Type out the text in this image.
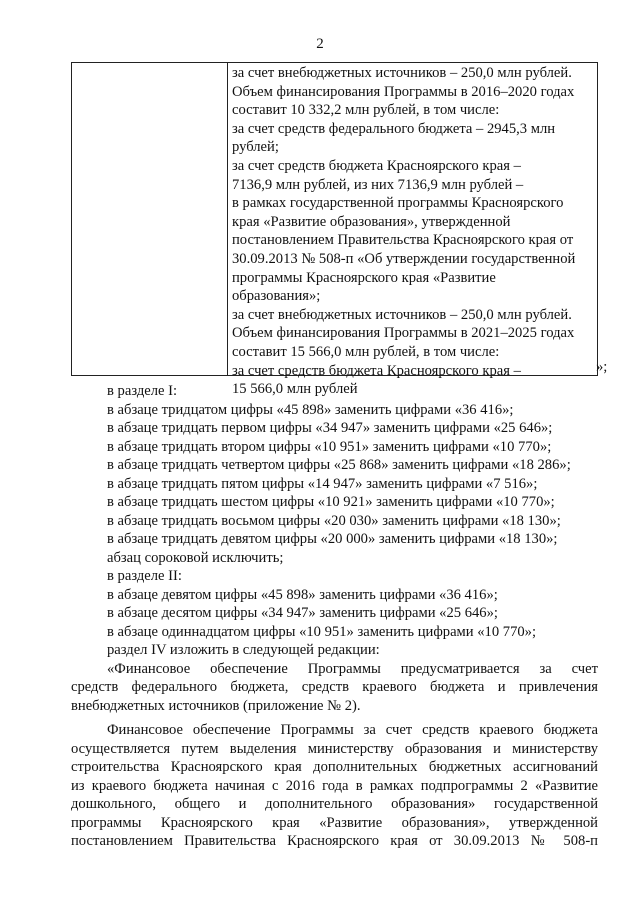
2
за счет внебюджетных источников – 250,0 млн рублей.
Объем финансирования Программы в 2016–2020 годах
составит 10 332,2 млн рублей, в том числе:
за счет средств федерального бюджета – 2945,3 млн
рублей;
за счет средств бюджета Красноярского края –
7136,9 млн рублей, из них 7136,9 млн рублей –
в рамках государственной программы Красноярского
края «Развитие образования», утвержденной
постановлением Правительства Красноярского края от
30.09.2013 № 508-п «Об утверждении государственной
программы Красноярского края «Развитие
образования»;
за счет внебюджетных источников – 250,0 млн рублей.
Объем финансирования Программы в 2021–2025 годах
составит 15 566,0 млн рублей, в том числе:
за счет средств бюджета Красноярского края –
15 566,0 млн рублей
»;
в разделе I:
в абзаце тридцатом цифры «45 898» заменить цифрами «36 416»;
в абзаце тридцать первом цифры «34 947» заменить цифрами «25 646»;
в абзаце тридцать втором цифры «10 951» заменить цифрами «10 770»;
в абзаце тридцать четвертом цифры «25 868» заменить цифрами «18 286»;
в абзаце тридцать пятом цифры «14 947» заменить цифрами «7 516»;
в абзаце тридцать шестом цифры «10 921» заменить цифрами «10 770»;
в абзаце тридцать восьмом цифры «20 030» заменить цифрами «18 130»;
в абзаце тридцать девятом цифры «20 000» заменить цифрами «18 130»;
абзац сороковой исключить;
в разделе II:
в абзаце девятом цифры «45 898» заменить цифрами «36 416»;
в абзаце десятом цифры «34 947» заменить цифрами «25 646»;
в абзаце одиннадцатом цифры «10 951» заменить цифрами «10 770»;
раздел IV изложить в следующей редакции:
«Финансовое обеспечение Программы предусматривается за счет
средств федерального бюджета, средств краевого бюджета и привлечения
внебюджетных источников (приложение № 2).
Финансовое обеспечение Программы за счет средств краевого бюджета
осуществляется путем выделения министерству образования и министерству
строительства Красноярского края дополнительных бюджетных ассигнований
из краевого бюджета начиная с 2016 года в рамках подпрограммы 2 «Развитие
дошкольного, общего и дополнительного образования» государственной
программы Красноярского края «Развитие образования», утвержденной
постановлением Правительства Красноярского края от 30.09.2013 № 508-п
